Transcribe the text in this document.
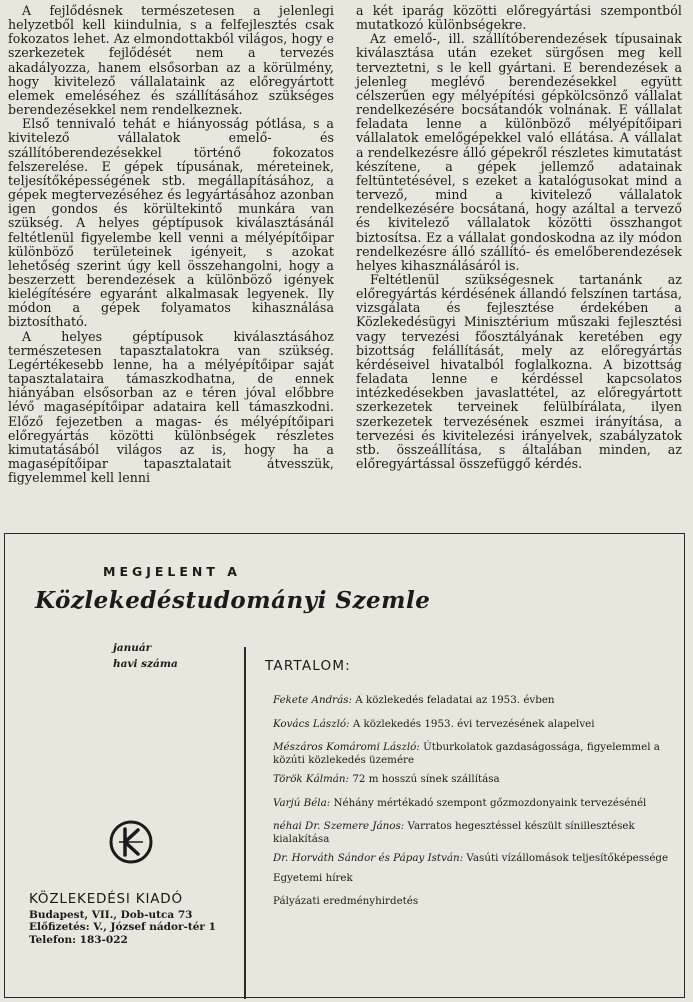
A fejlődésnek természetesen a jelenlegi helyzetből kell kiindulnia, s a felfejlesztés csak fokozatos lehet. Az elmondottakból világos, hogy e szerkezetek fejlődését nem a tervezés akadályozza, hanem elsősorban az a körülmény, hogy kivitelező vállalataink az előregyártott elemek emeléséhez és szállításához szükséges berendezésekkel nem rendelkeznek.

Első tennivaló tehát e hiányosság pótlása, s a kivitelező vállalatok emelő- és szállítóberendezésekkel történő fokozatos felszerelése. E gépek típusának, méreteinek, teljesítőképességének stb. megállapításához, a gépek megtervezéséhez és legyártásához azonban igen gondos és körültekintő munkára van szükség. A helyes géptípusok kiválasztásánál feltétlenül figyelembe kell venni a mélyépítőipar különböző területeinek igényeit, s azokat lehetőség szerint úgy kell összehangolni, hogy a beszerzett berendezések a különböző igények kielégítésére egyaránt alkalmasak legyenek. Ily módon a gépek folyamatos kihasználása biztosítható.

A helyes géptípusok kiválasztásához természetesen tapasztalatokra van szükség. Legértékesebb lenne, ha a mélyépítőipar saját tapasztalataira támaszkodhatna, de ennek hiányában elsősorban az e téren jóval előbbre lévő magasépítőipar adataira kell támaszkodni. Előző fejezetben a magas- és mélyépítőipari előregyártás közötti különbségek részletes kimutatásából világos az is, hogy ha a magasépítőipar tapasztalatait átvesszük, figyelemmel kell lenni

a két iparág közötti előregyártási szempontból mutatkozó különbségekre.

Az emelő-, ill. szállítóberendezések típusainak kiválasztása után ezeket sürgősen meg kell terveztetni, s le kell gyártani. E berendezések a jelenleg meglévő berendezésekkel együtt célszerűen egy mélyépítési gépkölcsönző vállalat rendelkezésére bocsátandók volnának. E vállalat feladata lenne a különböző mélyépítőipari vállalatok emelőgépekkel való ellátása. A vállalat a rendelkezésre álló gépekről részletes kimutatást készítene, a gépek jellemző adatainak feltüntetésével, s ezeket a katalógusokat mind a tervező, mind a kivitelező vállalatok rendelkezésére bocsátaná, hogy azáltal a tervező és kivitelező vállalatok közötti összhangot biztosítsa. Ez a vállalat gondoskodna az ily módon rendelkezésre álló szállító- és emelőberendezések helyes kihasználásáról is.

Feltétlenül szükségesnek tartanánk az előregyártás kérdésének állandó felszínen tartása, vizsgálata és fejlesztése érdekében a Közlekedésügyi Minisztérium műszaki fejlesztési vagy tervezési főosztályának keretében egy bizottság felállítását, mely az előregyártás kérdéseivel hivatalból foglalkozna. A bizottság feladata lenne e kérdéssel kapcsolatos intézkedésekben javaslattétel, az előregyártott szerkezetek terveinek felülbírálata, ilyen szerkezetek tervezésének eszmei irányítása, a tervezési és kivitelezési irányelvek, szabályzatok stb. összeállítása, s általában minden, az előregyártással összefüggő kérdés.

MEGJELENT A
Közlekedéstudományi Szemle
január
havi száma	TARTALOM:
Fekete András: A közlekedés feladatai az 1953. évben
Kovács László: A közlekedés 1953. évi tervezésének alapelvei
Mészáros Komáromi László: Útburkolatok gazdaságossága, figyelemmel a közúti közlekedés üzemére
Török Kálmán: 72 m hosszú sínek szállítása
Varjú Béla: Néhány mértékadó szempont gőzmozdonyaink tervezésénél
néhai Dr. Szemere János: Varratos hegesztéssel készült sínillesztések kialakítása
Dr. Horváth Sándor és Pápay István: Vasúti vízállomások teljesítőképessége
Egyetemi hírek
Pályázati eredményhirdetés
KÖZLEKEDÉSI KIADÓ
Budapest, VII., Dob-utca 73
Előfizetés: V., József nádor-tér 1
Telefon: 183-022
